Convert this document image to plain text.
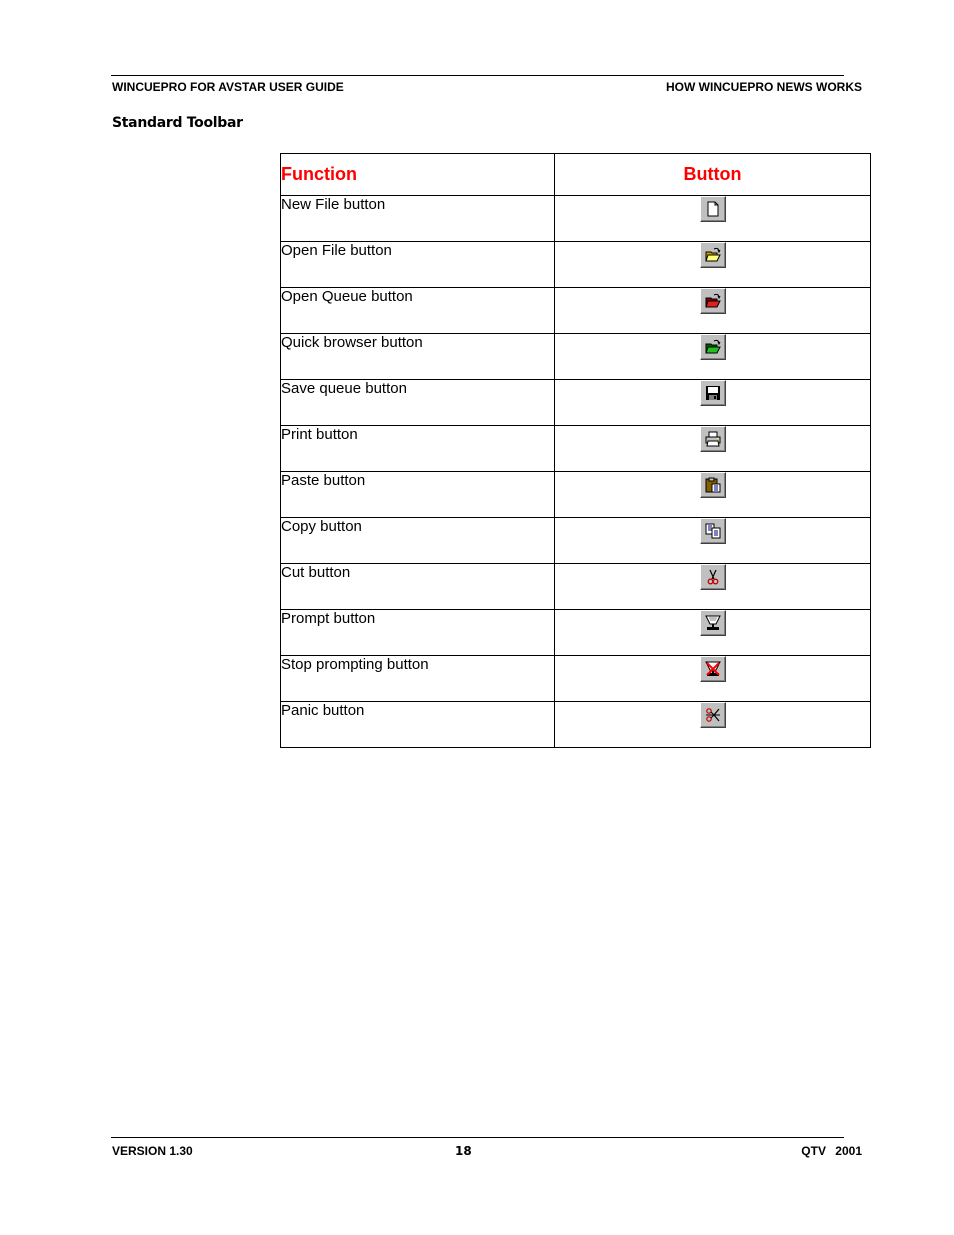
WINCUEPRO FOR AVSTAR USER GUIDE	HOW WINCUEPRO NEWS WORKS
Standard Toolbar
Function	Button
New File button	

Open File button	

Open Queue button	

Quick browser button	

Save queue button	

Print button	

Paste button	

Copy button	

Cut button	

Prompt button	

Stop prompting button	

Panic button	
VERSION 1.30	18	QTV 2001
